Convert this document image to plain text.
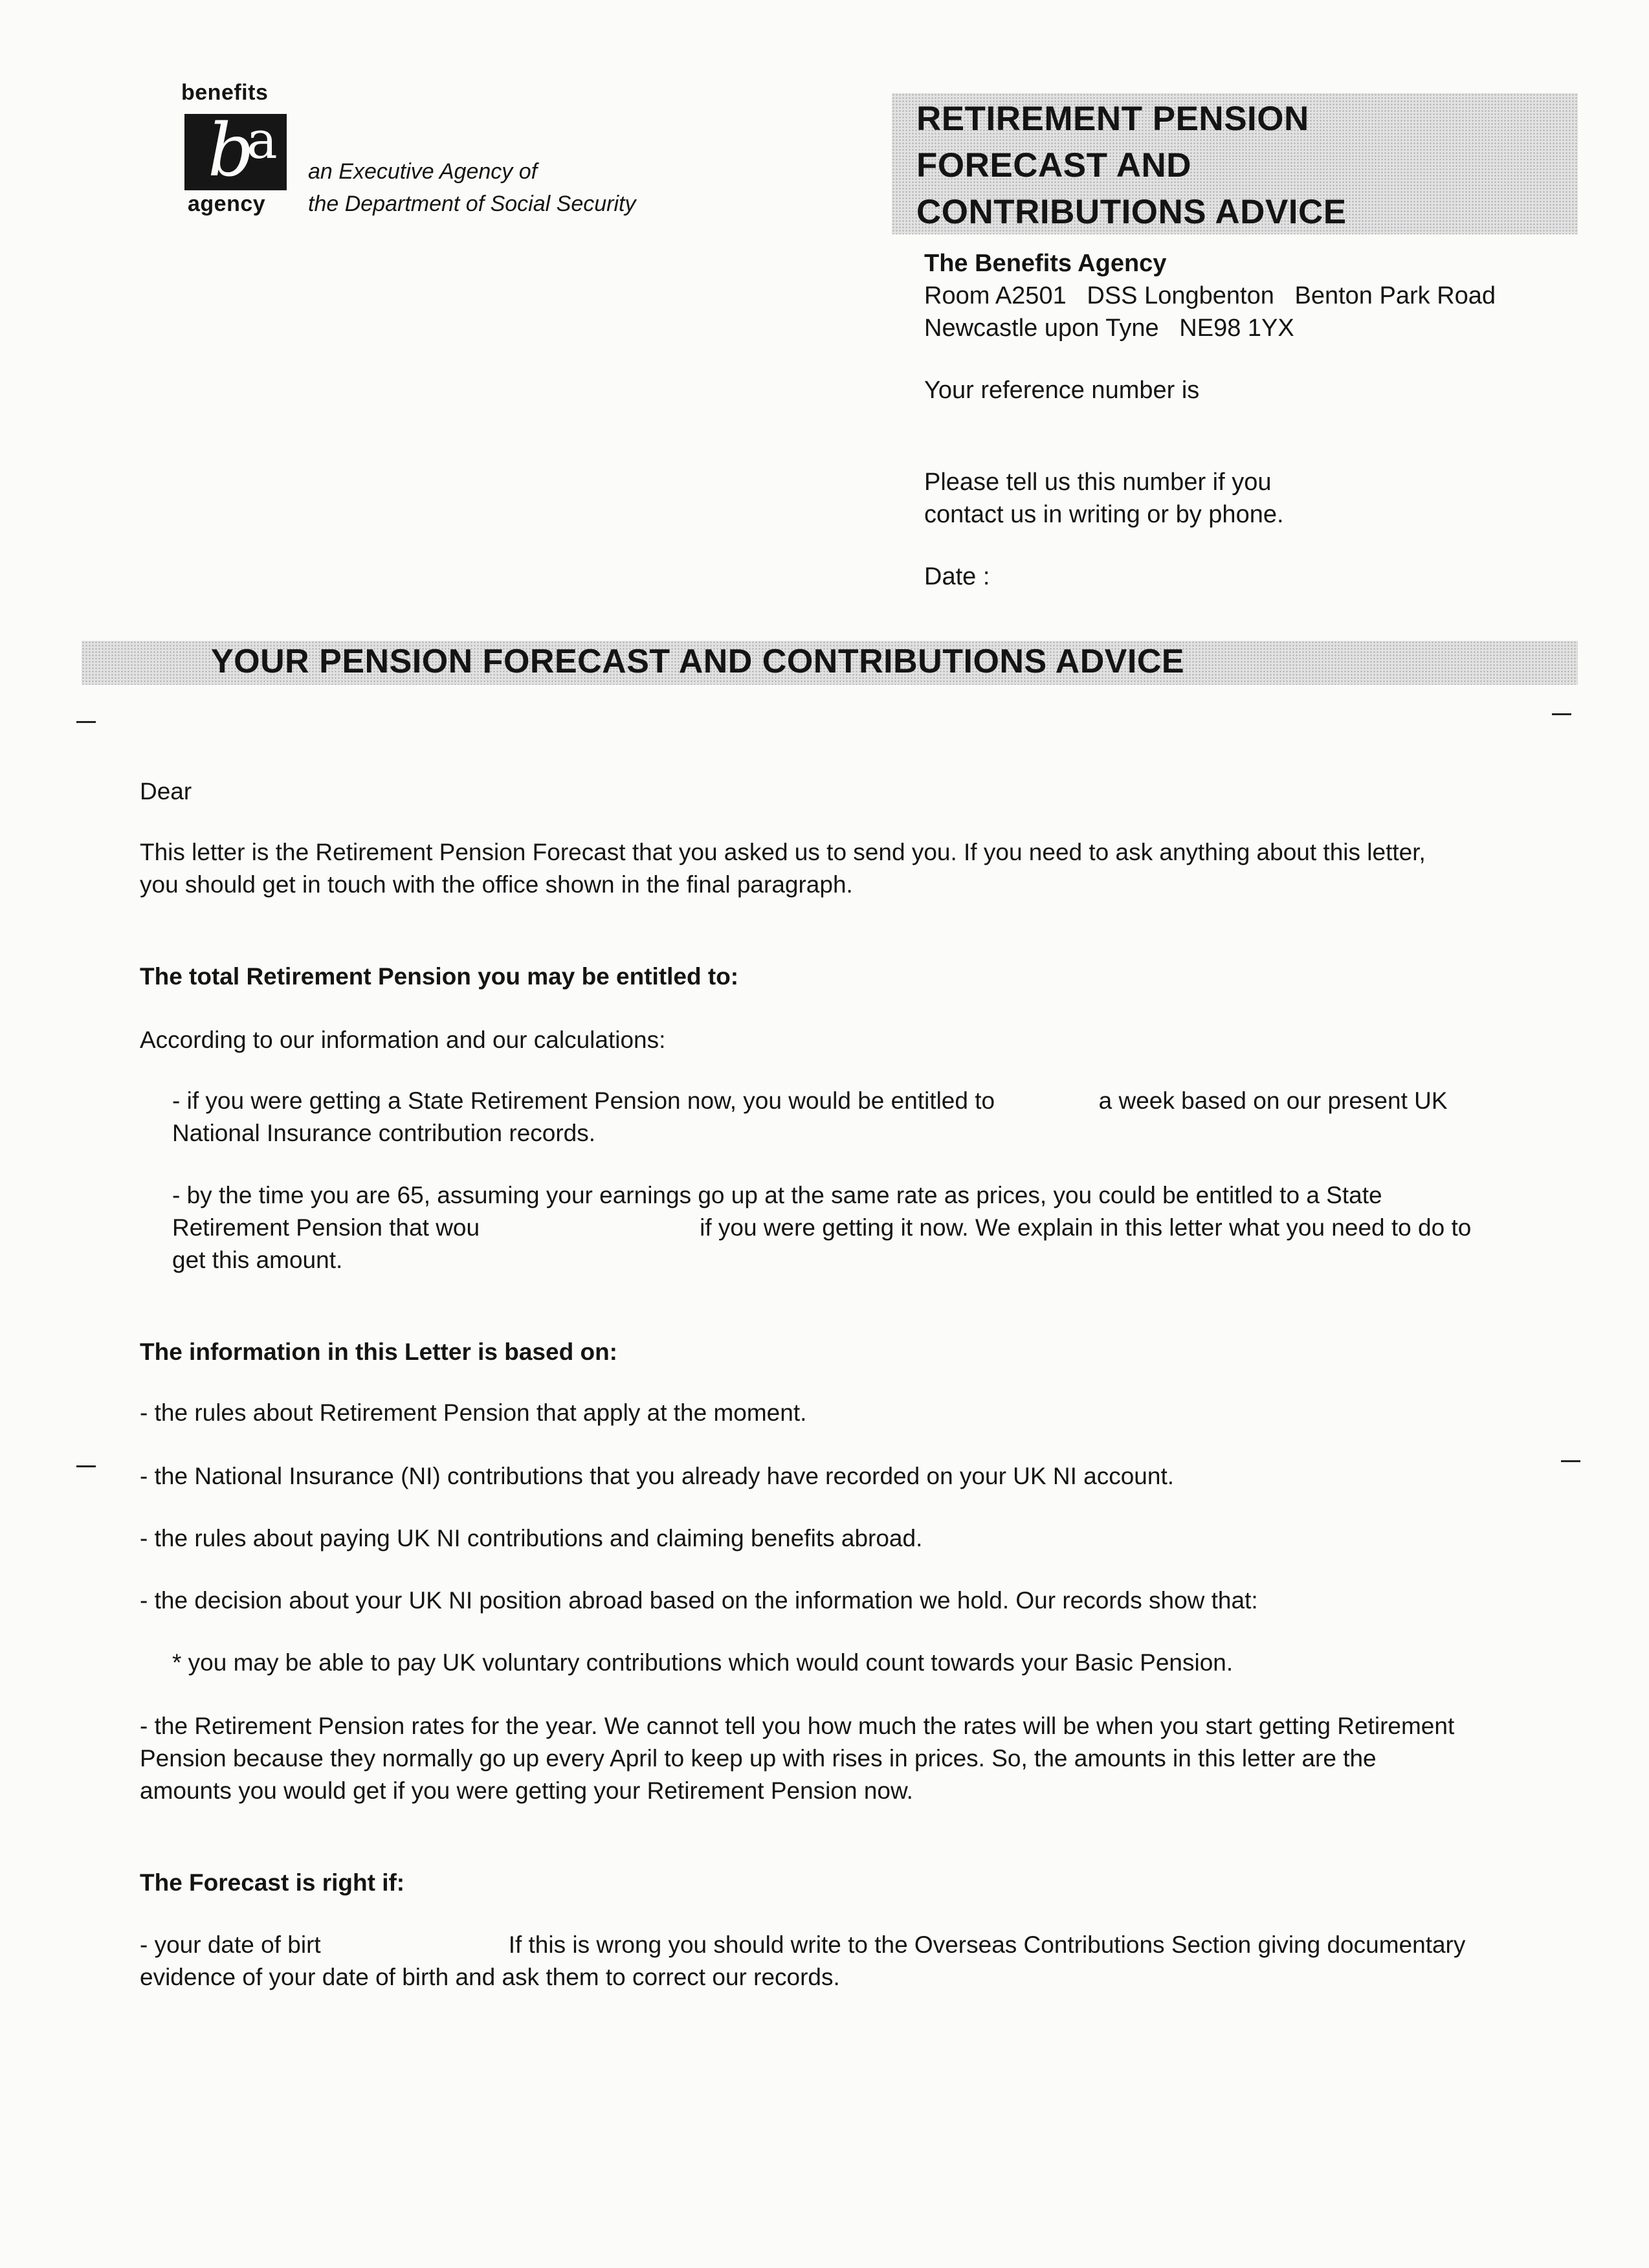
benefits
b
a
agency
an Executive Agency of
the Department of Social Security
RETIREMENT PENSION
FORECAST AND
CONTRIBUTIONS ADVICE
The Benefits Agency
Room A2501   DSS Longbenton   Benton Park Road
Newcastle upon Tyne   NE98 1YX
Your reference number is
Please tell us this number if you
contact us in writing or by phone.
Date :
YOUR PENSION FORECAST AND CONTRIBUTIONS ADVICE
Dear
This letter is the Retirement Pension Forecast that you asked us to send you. If you need to ask anything about this letter, you should get in touch with the office shown in the final paragraph.
The total Retirement Pension you may be entitled to:
According to our information and our calculations:
- if you were getting a State Retirement Pension now, you would be entitled to	a week based on our present UK National Insurance contribution records.
- by the time you are 65, assuming your earnings go up at the same rate as prices, you could be entitled to a State Retirement Pension that wou	if you were getting it now. We explain in this letter what you need to do to get this amount.
The information in this Letter is based on:
- the rules about Retirement Pension that apply at the moment.
- the National Insurance (NI) contributions that you already have recorded on your UK NI account.
- the rules about paying UK NI contributions and claiming benefits abroad.
- the decision about your UK NI position abroad based on the information we hold. Our records show that:
* you may be able to pay UK voluntary contributions which would count towards your Basic Pension.
- the Retirement Pension rates for the year. We cannot tell you how much the rates will be when you start getting Retirement Pension because they normally go up every April to keep up with rises in prices. So, the amounts in this letter are the amounts you would get if you were getting your Retirement Pension now.
The Forecast is right if:
- your date of birt	If this is wrong you should write to the Overseas Contributions Section giving documentary evidence of your date of birth and ask them to correct our records.
